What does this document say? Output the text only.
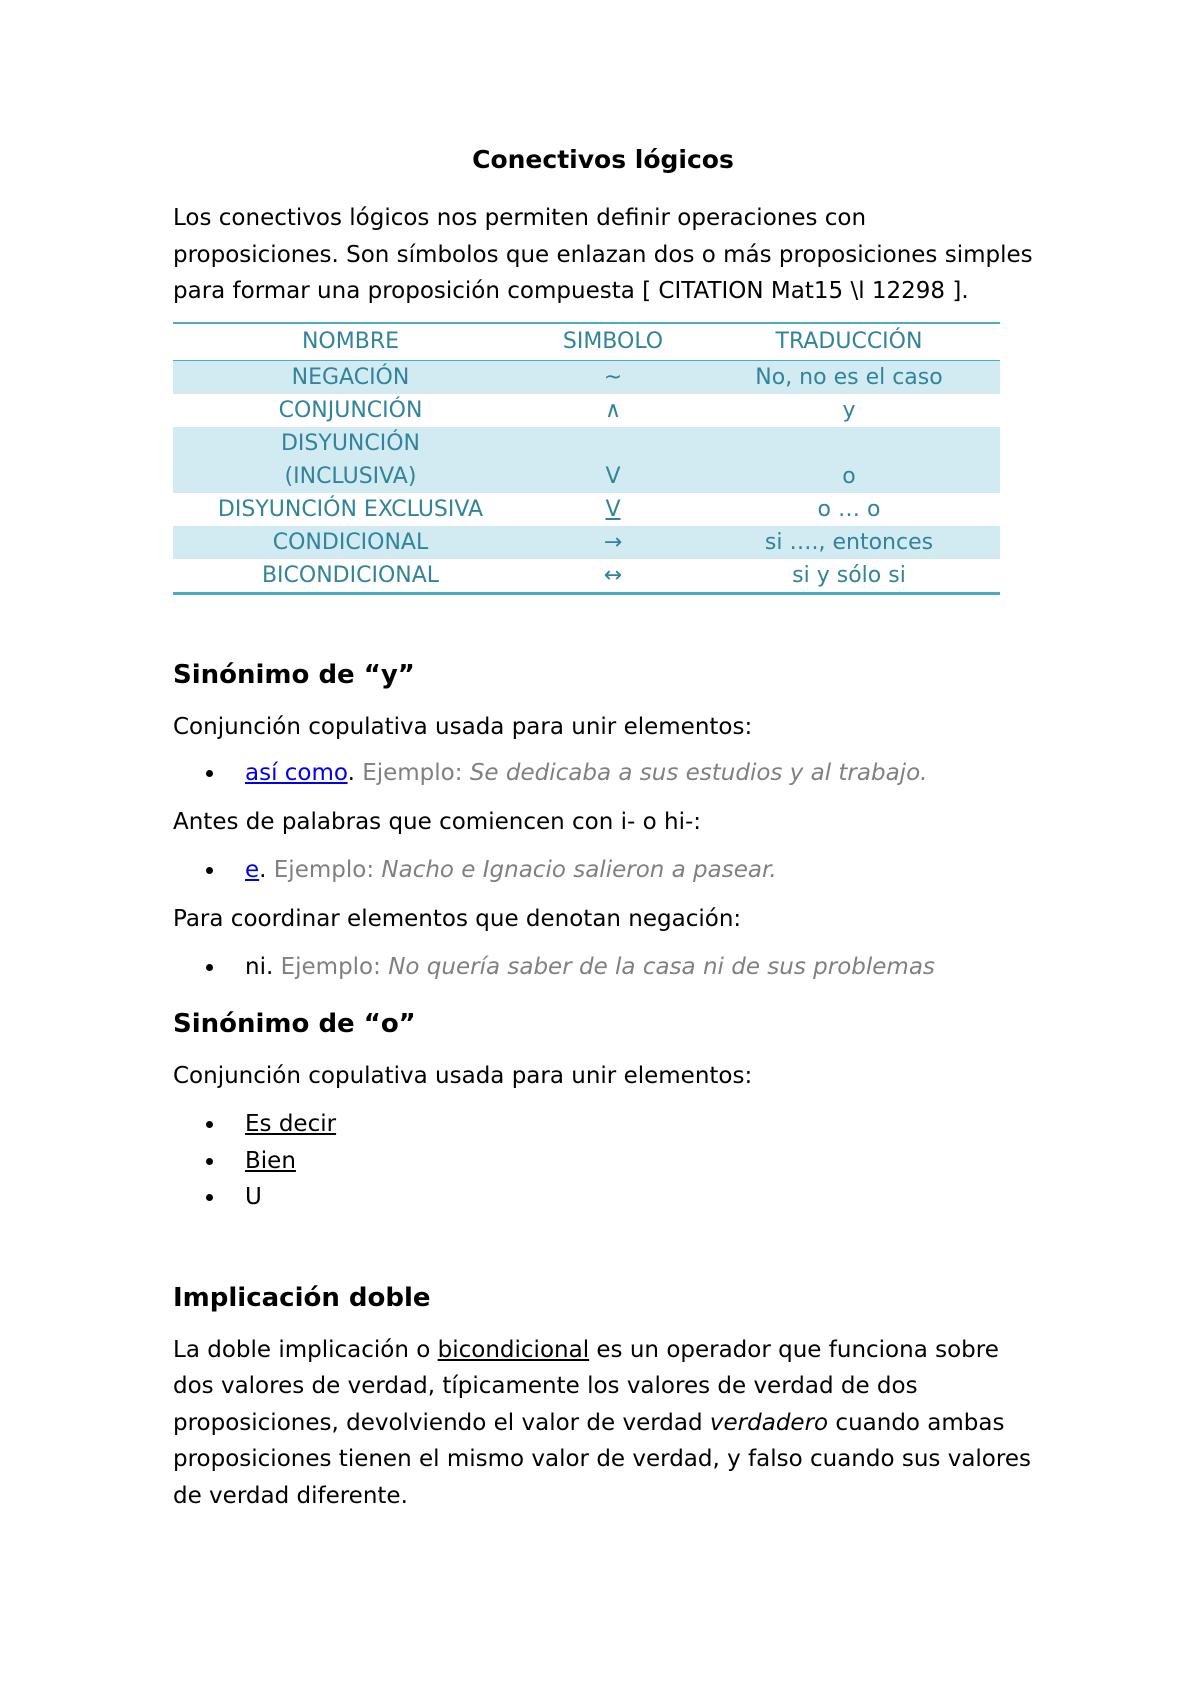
Conectivos lógicos

Los conectivos lógicos nos permiten definir operaciones con proposiciones. Son símbolos que enlazan dos o más proposiciones simples para formar una proposición compuesta [ CITATION Mat15 \l 12298 ].

NOMBRE	SIMBOLO	TRADUCCIÓN
NEGACIÓN	~	No, no es el caso
CONJUNCIÓN	∧	y
DISYUNCIÓN
(INCLUSIVA)	V	o
DISYUNCIÓN EXCLUSIVA	V	o … o
CONDICIONAL	→	si …., entonces
BICONDICIONAL	↔	si y sólo si
Sinónimo de “y”

Conjunción copulativa usada para unir elementos:

así como. Ejemplo: Se dedicaba a sus estudios y al trabajo.

Antes de palabras que comiencen con i- o hi-:

e. Ejemplo: Nacho e Ignacio salieron a pasear.

Para coordinar elementos que denotan negación:

ni. Ejemplo: No quería saber de la casa ni de sus problemas
Sinónimo de “o”

Conjunción copulativa usada para unir elementos:

Es decir
Bien
U
Implicación doble

La doble implicación o bicondicional es un operador que funciona sobre dos valores de verdad, típicamente los valores de verdad de dos proposiciones, devolviendo el valor de verdad verdadero cuando ambas proposiciones tienen el mismo valor de verdad, y falso cuando sus valores de verdad diferente.
